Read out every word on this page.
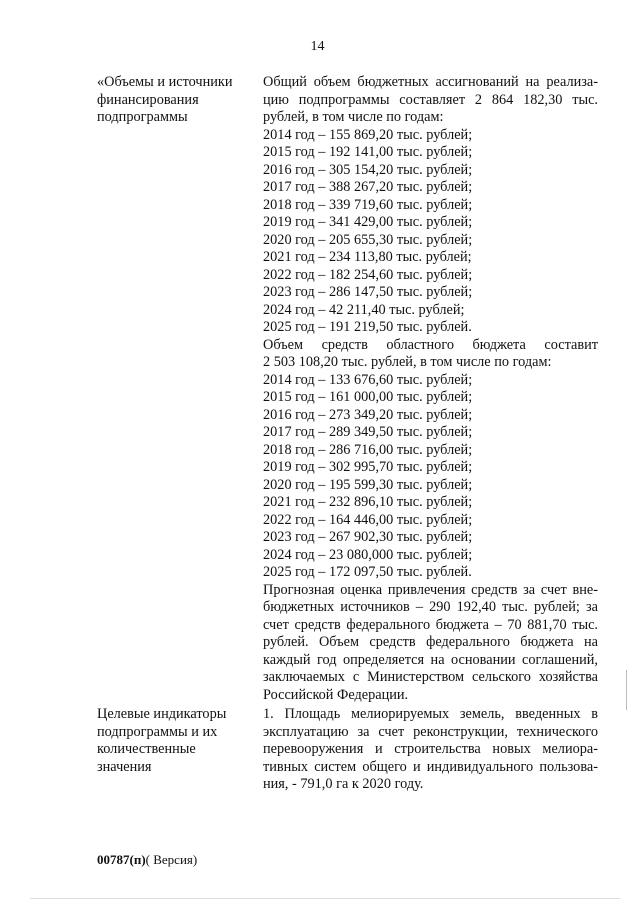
14
«Объемы и источники
финансирования
подпрограммы
Общий объем бюджетных ассигнований на реализа-
цию подпрограммы составляет 2 864 182,30 тыс.
рублей, в том числе по годам:
2014 год – 155 869,20 тыс. рублей;
2015 год – 192 141,00 тыс. рублей;
2016 год – 305 154,20 тыс. рублей;
2017 год – 388 267,20 тыс. рублей;
2018 год – 339 719,60 тыс. рублей;
2019 год – 341 429,00 тыс. рублей;
2020 год – 205 655,30 тыс. рублей;
2021 год – 234 113,80 тыс. рублей;
2022 год – 182 254,60 тыс. рублей;
2023 год – 286 147,50 тыс. рублей;
2024 год – 42 211,40 тыс. рублей;
2025 год – 191 219,50 тыс. рублей.
Объем средств областного бюджета составит
2 503 108,20 тыс. рублей, в том числе по годам:
2014 год – 133 676,60 тыс. рублей;
2015 год – 161 000,00 тыс. рублей;
2016 год – 273 349,20 тыс. рублей;
2017 год – 289 349,50 тыс. рублей;
2018 год – 286 716,00 тыс. рублей;
2019 год – 302 995,70 тыс. рублей;
2020 год – 195 599,30 тыс. рублей;
2021 год – 232 896,10 тыс. рублей;
2022 год – 164 446,00 тыс. рублей;
2023 год – 267 902,30 тыс. рублей;
2024 год – 23 080,000 тыс. рублей;
2025 год – 172 097,50 тыс. рублей.
Прогнозная оценка привлечения средств за счет вне-
бюджетных источников – 290 192,40 тыс. рублей; за
счет средств федерального бюджета – 70 881,70 тыс.
рублей. Объем средств федерального бюджета на
каждый год определяется на основании соглашений,
заключаемых с Министерством сельского хозяйства
Российской Федерации.
Целевые индикаторы
подпрограммы и их
количественные
значения
1. Площадь мелиорируемых земель, введенных в
эксплуатацию за счет реконструкции, технического
перевооружения и строительства новых мелиора-
тивных систем общего и индивидуального пользова-
ния, - 791,0 га к 2020 году.
00787(п)( Версия)
